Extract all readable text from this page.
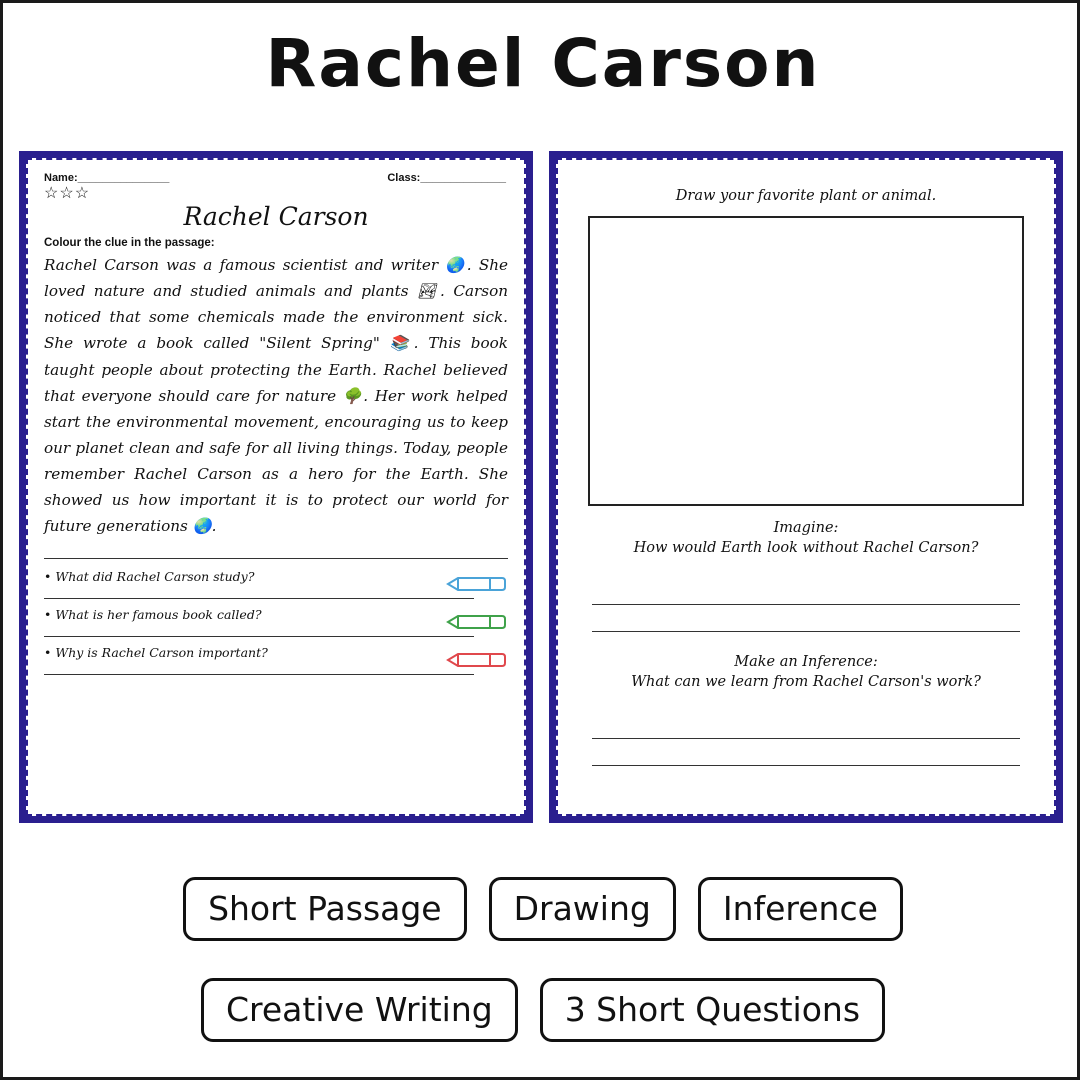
Rachel Carson
Name:_______________	Class:______________
☆☆☆
Rachel Carson
Colour the clue in the passage:
Rachel Carson was a famous scientist and writer 🌏. She loved nature and studied animals and plants 🏞. Carson noticed that some chemicals made the environment sick. She wrote a book called "Silent Spring" 📚. This book taught people about protecting the Earth. Rachel believed that everyone should care for nature 🌳. Her work helped start the environmental movement, encouraging us to keep our planet clean and safe for all living things. Today, people remember Rachel Carson as a hero for the Earth. She showed us how important it is to protect our world for future generations 🌏.
• What did Rachel Carson study?
• What is her famous book called?
• Why is Rachel Carson important?
Draw your favorite plant or animal.
Imagine:
How would Earth look without Rachel Carson?
Make an Inference:
What can we learn from Rachel Carson's work?
Short Passage	Drawing	Inference
Creative Writing	3 Short Questions
